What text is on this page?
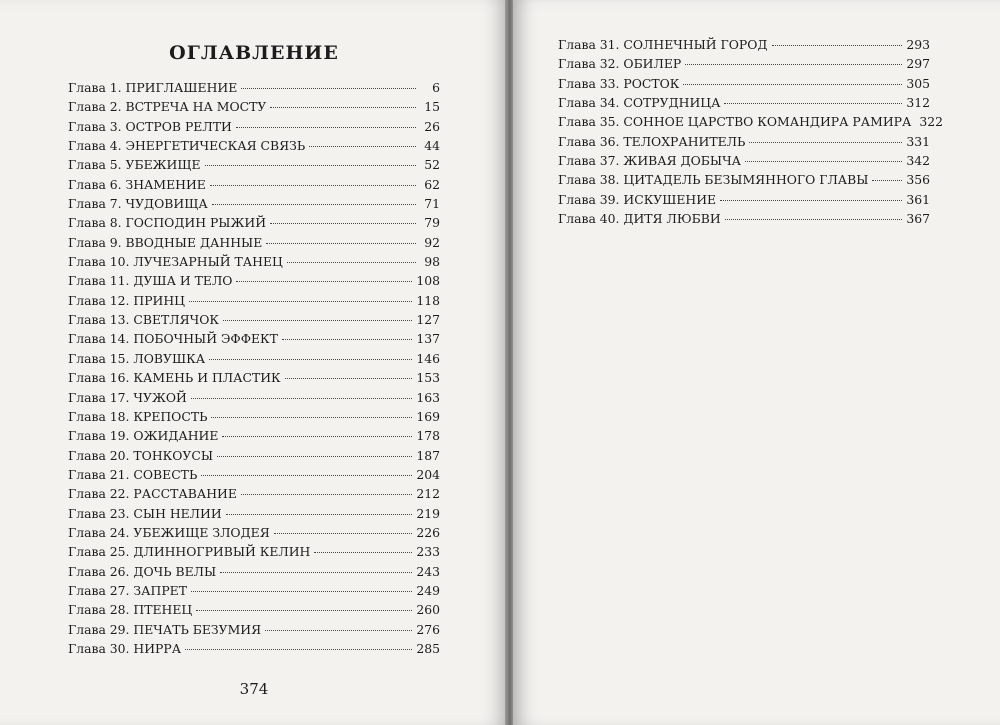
ОГЛАВЛЕНИЕ
Глава 1. ПРИГЛАШЕНИЕ	6
Глава 2. ВСТРЕЧА НА МОСТУ	15
Глава 3. ОСТРОВ РЕЛТИ	26
Глава 4. ЭНЕРГЕТИЧЕСКАЯ СВЯЗЬ	44
Глава 5. УБЕЖИЩЕ	52
Глава 6. ЗНАМЕНИЕ	62
Глава 7. ЧУДОВИЩА	71
Глава 8. ГОСПОДИН РЫЖИЙ	79
Глава 9. ВВОДНЫЕ ДАННЫЕ	92
Глава 10. ЛУЧЕЗАРНЫЙ ТАНЕЦ	98
Глава 11. ДУША И ТЕЛО	108
Глава 12. ПРИНЦ	118
Глава 13. СВЕТЛЯЧОК	127
Глава 14. ПОБОЧНЫЙ ЭФФЕКТ	137
Глава 15. ЛОВУШКА	146
Глава 16. КАМЕНЬ И ПЛАСТИК	153
Глава 17. ЧУЖОЙ	163
Глава 18. КРЕПОСТЬ	169
Глава 19. ОЖИДАНИЕ	178
Глава 20. ТОНКОУСЫ	187
Глава 21. СОВЕСТЬ	204
Глава 22. РАССТАВАНИЕ	212
Глава 23. СЫН НЕЛИИ	219
Глава 24. УБЕЖИЩЕ ЗЛОДЕЯ	226
Глава 25. ДЛИННОГРИВЫЙ КЕЛИН	233
Глава 26. ДОЧЬ ВЕЛЫ	243
Глава 27. ЗАПРЕТ	249
Глава 28. ПТЕНЕЦ	260
Глава 29. ПЕЧАТЬ БЕЗУМИЯ	276
Глава 30. НИРРА	285
374
Глава 31. СОЛНЕЧНЫЙ ГОРОД	293
Глава 32. ОБИЛЕР	297
Глава 33. РОСТОК	305
Глава 34. СОТРУДНИЦА	312
Глава 35. СОННОЕ ЦАРСТВО КОМАНДИРА РАМИРА 322
Глава 36. ТЕЛОХРАНИТЕЛЬ	331
Глава 37. ЖИВАЯ ДОБЫЧА	342
Глава 38. ЦИТАДЕЛЬ БЕЗЫМЯННОГО ГЛАВЫ	356
Глава 39. ИСКУШЕНИЕ	361
Глава 40. ДИТЯ ЛЮБВИ	367
